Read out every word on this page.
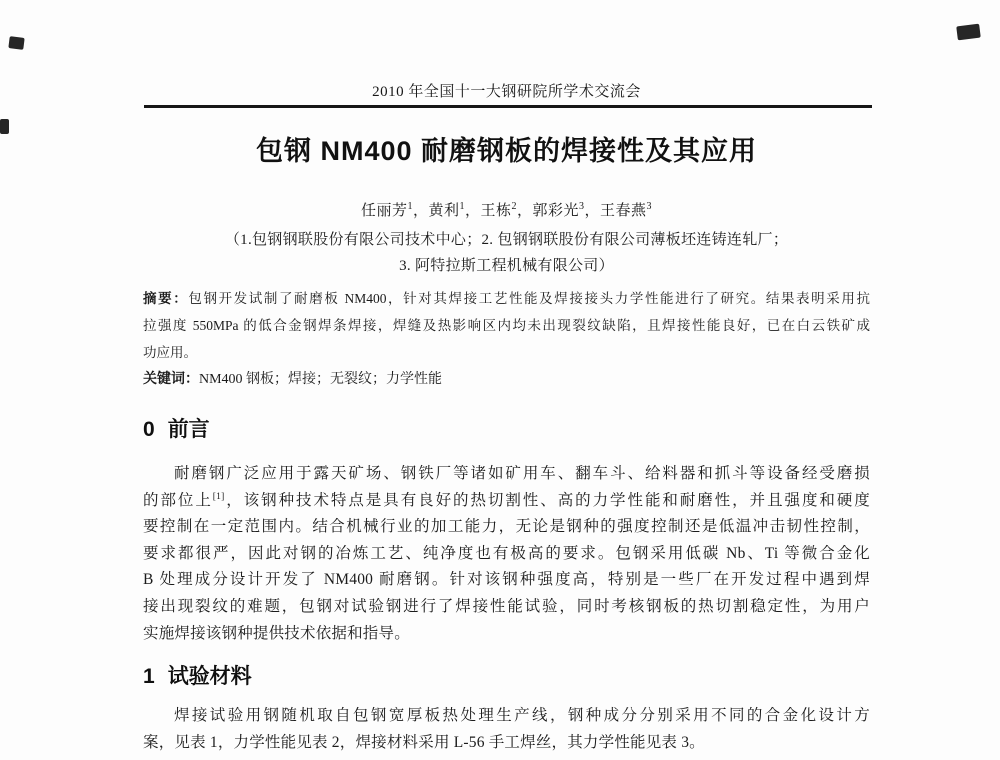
2010 年全国十一大钢研院所学术交流会
包钢 NM400 耐磨钢板的焊接性及其应用
任丽芳$^1$，黄利$^1$，王栋$^2$，郭彩光$^3$，王春燕$^3$
（1.包钢钢联股份有限公司技术中心；2. 包钢钢联股份有限公司薄板坯连铸连轧厂；
3. 阿特拉斯工程机械有限公司）
摘要：包钢开发试制了耐磨板 NM400，针对其焊接工艺性能及焊接接头力学性能进行了研究。结果表明采用抗
拉强度 550MPa 的低合金钢焊条焊接，焊缝及热影响区内均未出现裂纹缺陷，且焊接性能良好，已在白云铁矿成
功应用。
关键词：NM400 钢板；焊接；无裂纹；力学性能
0 前言
耐磨钢广泛应用于露天矿场、钢铁厂等诸如矿用车、翻车斗、给料器和抓斗等设备经受磨损
的部位上[1]，该钢种技术特点是具有良好的热切割性、高的力学性能和耐磨性，并且强度和硬度
要控制在一定范围内。结合机械行业的加工能力，无论是钢种的强度控制还是低温冲击韧性控制，
要求都很严，因此对钢的冶炼工艺、纯净度也有极高的要求。包钢采用低碳 Nb、Ti 等微合金化
B 处理成分设计开发了 NM400 耐磨钢。针对该钢种强度高，特别是一些厂在开发过程中遇到焊
接出现裂纹的难题，包钢对试验钢进行了焊接性能试验，同时考核钢板的热切割稳定性，为用户
实施焊接该钢种提供技术依据和指导。
1 试验材料
焊接试验用钢随机取自包钢宽厚板热处理生产线，钢种成分分别采用不同的合金化设计方
案，见表 1，力学性能见表 2，焊接材料采用 L-56 手工焊丝，其力学性能见表 3。
